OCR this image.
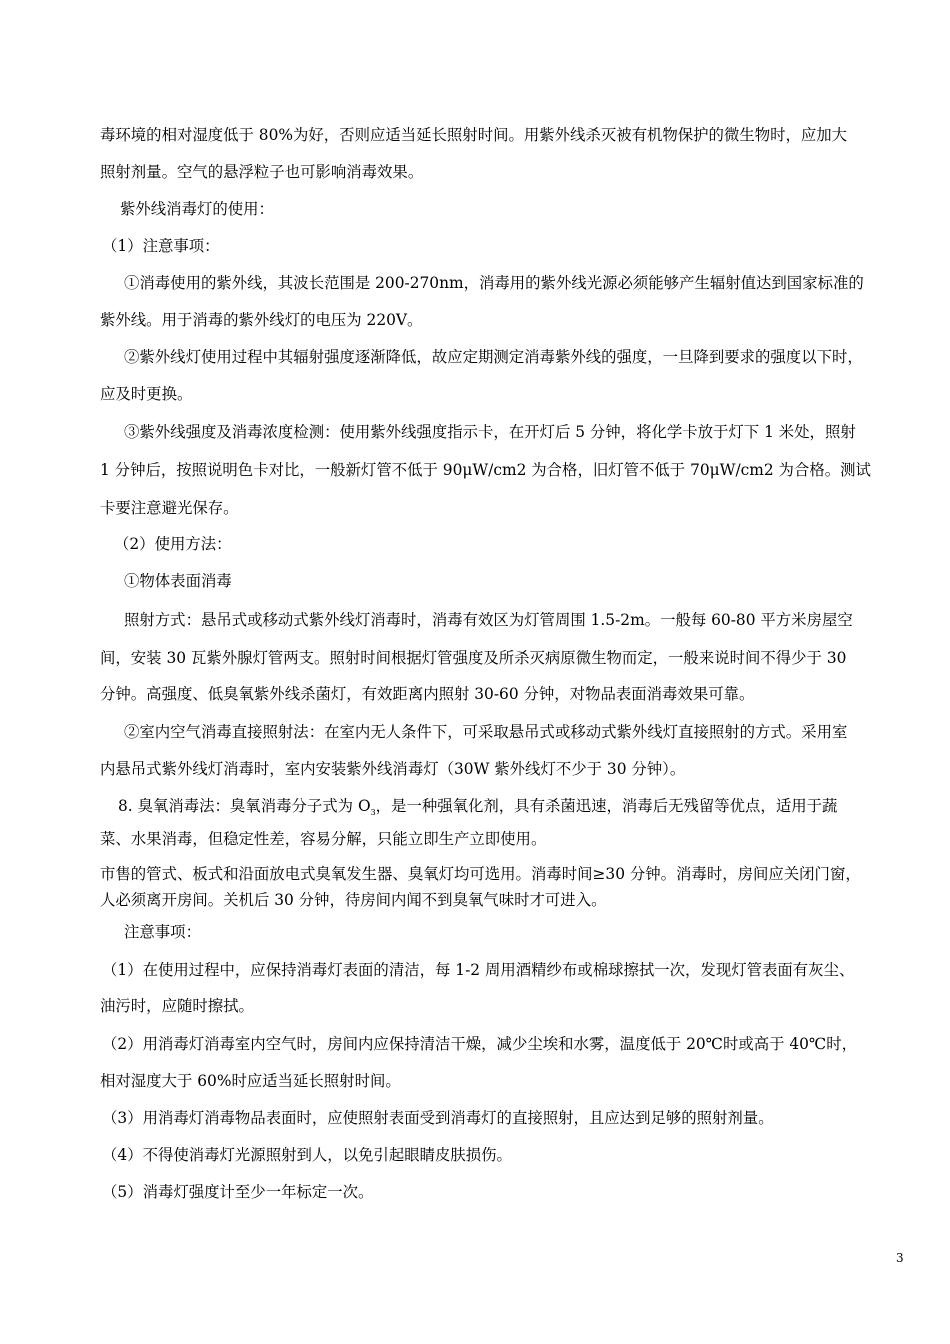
毒环境的相对湿度低于 80%为好，否则应适当延长照射时间。用紫外线杀灭被有机物保护的微生物时，应加大
照射剂量。空气的悬浮粒子也可影响消毒效果。
紫外线消毒灯的使用：
（1）注意事项：
①消毒使用的紫外线，其波长范围是 200-270nm，消毒用的紫外线光源必须能够产生辐射值达到国家标准的
紫外线。用于消毒的紫外线灯的电压为 220V。
②紫外线灯使用过程中其辐射强度逐渐降低，故应定期测定消毒紫外线的强度，一旦降到要求的强度以下时，
应及时更换。
③紫外线强度及消毒浓度检测：使用紫外线强度指示卡，在开灯后 5 分钟，将化学卡放于灯下 1 米处，照射
1 分钟后，按照说明色卡对比，一般新灯管不低于 90μW/cm2 为合格，旧灯管不低于 70μW/cm2 为合格。测试
卡要注意避光保存。
（2）使用方法：
①物体表面消毒
照射方式：悬吊式或移动式紫外线灯消毒时，消毒有效区为灯管周围 1.5-2m。一般每 60-80 平方米房屋空
间，安装 30 瓦紫外腺灯管两支。照射时间根据灯管强度及所杀灭病原微生物而定，一般来说时间不得少于 30
分钟。高强度、低臭氧紫外线杀菌灯，有效距离内照射 30-60 分钟，对物品表面消毒效果可靠。
②室内空气消毒直接照射法：在室内无人条件下，可采取悬吊式或移动式紫外线灯直接照射的方式。采用室
内悬吊式紫外线灯消毒时，室内安装紫外线消毒灯（30W 紫外线灯不少于 30 分钟）。
8. 臭氧消毒法：臭氧消毒分子式为 $O_3$，是一种强氧化剂，具有杀菌迅速，消毒后无残留等优点，适用于蔬
菜、水果消毒，但稳定性差，容易分解，只能立即生产立即使用。
市售的管式、板式和沿面放电式臭氧发生器、臭氧灯均可选用。消毒时间≥30 分钟。消毒时，房间应关闭门窗，
人必须离开房间。关机后 30 分钟，待房间内闻不到臭氧气味时才可进入。
注意事项：
（1）在使用过程中，应保持消毒灯表面的清洁，每 1-2 周用酒精纱布或棉球擦拭一次，发现灯管表面有灰尘、
油污时，应随时擦拭。
（2）用消毒灯消毒室内空气时，房间内应保持清洁干燥，减少尘埃和水雾，温度低于 20℃时或高于 40℃时，
相对湿度大于 60%时应适当延长照射时间。
（3）用消毒灯消毒物品表面时，应使照射表面受到消毒灯的直接照射，且应达到足够的照射剂量。
（4）不得使消毒灯光源照射到人，以免引起眼睛皮肤损伤。
（5）消毒灯强度计至少一年标定一次。
3
